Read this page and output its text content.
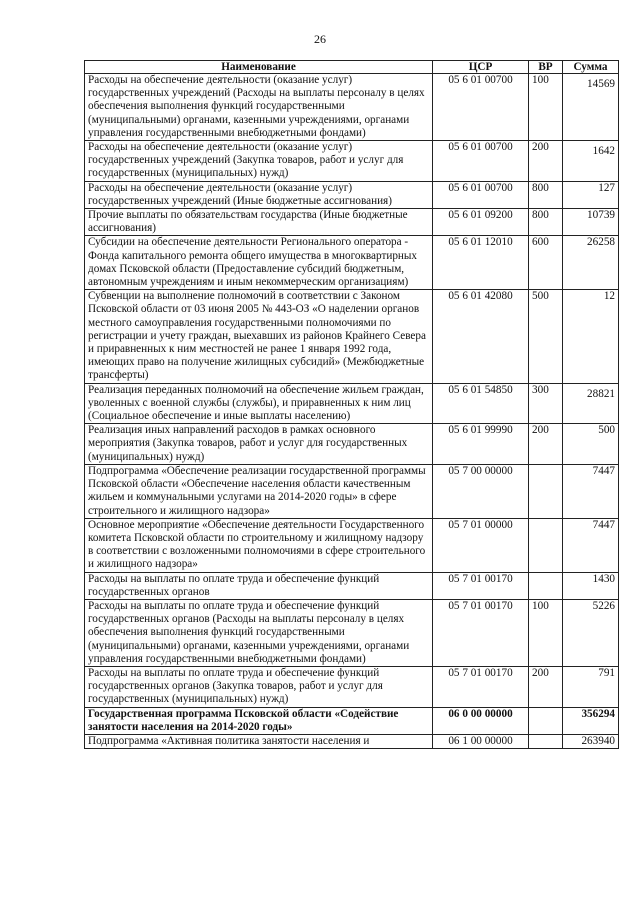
26
Наименование	ЦСР	ВР	Сумма
Расходы на обеспечение деятельности (оказание услуг) государственных учреждений (Расходы на выплаты персоналу в целях обеспечения выполнения функций государственными (муниципальными) органами, казенными учреждениями, органами управления государственными внебюджетными фондами)	05 6 01 00700	100	14569
Расходы на обеспечение деятельности (оказание услуг) государственных учреждений (Закупка товаров, работ и услуг для государственных (муниципальных) нужд)	05 6 01 00700	200	1642
Расходы на обеспечение деятельности (оказание услуг) государственных учреждений (Иные бюджетные ассигнования)	05 6 01 00700	800	127
Прочие выплаты по обязательствам государства (Иные бюджетные ассигнования)	05 6 01 09200	800	10739
Субсидии на обеспечение деятельности Регионального оператора - Фонда капитального ремонта общего имущества в многоквартирных домах Псковской области (Предоставление субсидий бюджетным, автономным учреждениям и иным некоммерческим организациям)	05 6 01 12010	600	26258
Субвенции на выполнение полномочий в соответствии с Законом Псковской области от 03 июня 2005 № 443-ОЗ «О наделении органов местного самоуправления государственными полномочиями по регистрации и учету граждан, выехавших из районов Крайнего Севера и приравненных к ним местностей не ранее 1 января 1992 года, имеющих право на получение жилищных субсидий» (Межбюджетные трансферты)	05 6 01 42080	500	12
Реализация переданных полномочий на обеспечение жильем граждан, уволенных с военной службы (службы), и приравненных к ним лиц (Социальное обеспечение и иные выплаты населению)	05 6 01 54850	300	28821
Реализация иных направлений расходов в рамках основного мероприятия (Закупка товаров, работ и услуг для государственных (муниципальных) нужд)	05 6 01 99990	200	500
Подпрограмма «Обеспечение реализации государственной программы Псковской области «Обеспечение населения области качественным жильем и коммунальными услугами на 2014-2020 годы» в сфере строительного и жилищного надзора»	05 7 00 00000		7447
Основное мероприятие «Обеспечение деятельности Государственного комитета Псковской области по строительному и жилищному надзору в соответствии с возложенными полномочиями в сфере строительного и жилищного надзора»	05 7 01 00000		7447
Расходы на выплаты по оплате труда и обеспечение функций государственных органов	05 7 01 00170		1430
Расходы на выплаты по оплате труда и обеспечение функций государственных органов (Расходы на выплаты персоналу в целях обеспечения выполнения функций государственными (муниципальными) органами, казенными учреждениями, органами управления государственными внебюджетными фондами)	05 7 01 00170	100	5226
Расходы на выплаты по оплате труда и обеспечение функций государственных органов (Закупка товаров, работ и услуг для государственных (муниципальных) нужд)	05 7 01 00170	200	791
Государственная программа Псковской области «Содействие занятости населения на 2014-2020 годы»	06 0 00 00000		356294
Подпрограмма «Активная политика занятости населения и	06 1 00 00000		263940
